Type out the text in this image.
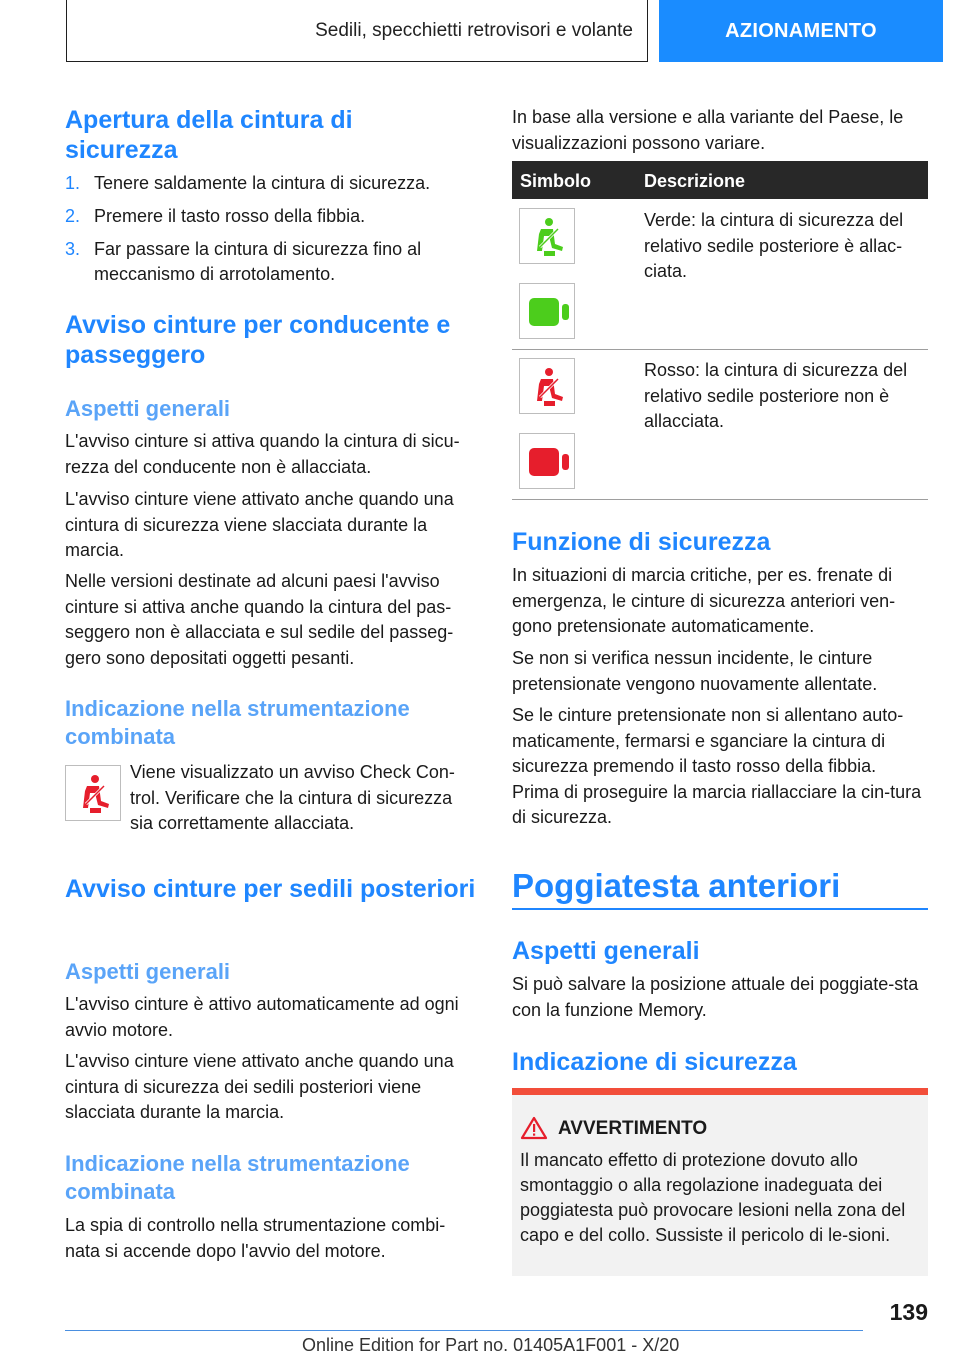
Sedili, specchietti retrovisori e volante	AZIONAMENTO
Apertura della cintura di sicurezza
1. Tenere saldamente la cintura di sicurezza.
2. Premere il tasto rosso della fibbia.
3. Far passare la cintura di sicurezza fino al meccanismo di arrotolamento.
Avviso cinture per conducente e passeggero
Aspetti generali

L'avviso cinture si attiva quando la cintura di sicu-rezza del conducente non è allacciata.

L'avviso cinture viene attivato anche quando una cintura di sicurezza viene slacciata durante la marcia.

Nelle versioni destinate ad alcuni paesi l'avviso cinture si attiva anche quando la cintura del pas-seggero non è allacciata e sul sedile del passeg-gero sono depositati oggetti pesanti.

Indicazione nella strumentazione combinata

Viene visualizzato un avviso Check Con-trol. Verificare che la cintura di sicurezza sia correttamente allacciata.

Avviso cinture per sedili posteriori
Aspetti generali

L'avviso cinture è attivo automaticamente ad ogni avvio motore.

L'avviso cinture viene attivato anche quando una cintura di sicurezza dei sedili posteriori viene slacciata durante la marcia.

Indicazione nella strumentazione combinata

La spia di controllo nella strumentazione combi-nata si accende dopo l'avvio del motore.

In base alla versione e alla variante del Paese, le visualizzazioni possono variare.

Simbolo	Descrizione

Verde: la cintura di sicurezza del relativo sedile posteriore è allac-ciata.

Rosso: la cintura di sicurezza del relativo sedile posteriore non è allacciata.

Funzione di sicurezza

In situazioni di marcia critiche, per es. frenate di emergenza, le cinture di sicurezza anteriori ven-gono pretensionate automaticamente.

Se non si verifica nessun incidente, le cinture pretensionate vengono nuovamente allentate.

Se le cinture pretensionate non si allentano auto-maticamente, fermarsi e sganciare la cintura di sicurezza premendo il tasto rosso della fibbia. Prima di proseguire la marcia riallacciare la cin-tura di sicurezza.

Poggiatesta anteriori
Aspetti generali

Si può salvare la posizione attuale dei poggiate-sta con la funzione Memory.

Indicazione di sicurezza
AVVERTIMENTO
Il mancato effetto di protezione dovuto allo smontaggio o alla regolazione inadeguata dei poggiatesta può provocare lesioni nella zona del capo e del collo. Sussiste il pericolo di le-sioni.
139
Online Edition for Part no. 01405A1F001 - X/20
